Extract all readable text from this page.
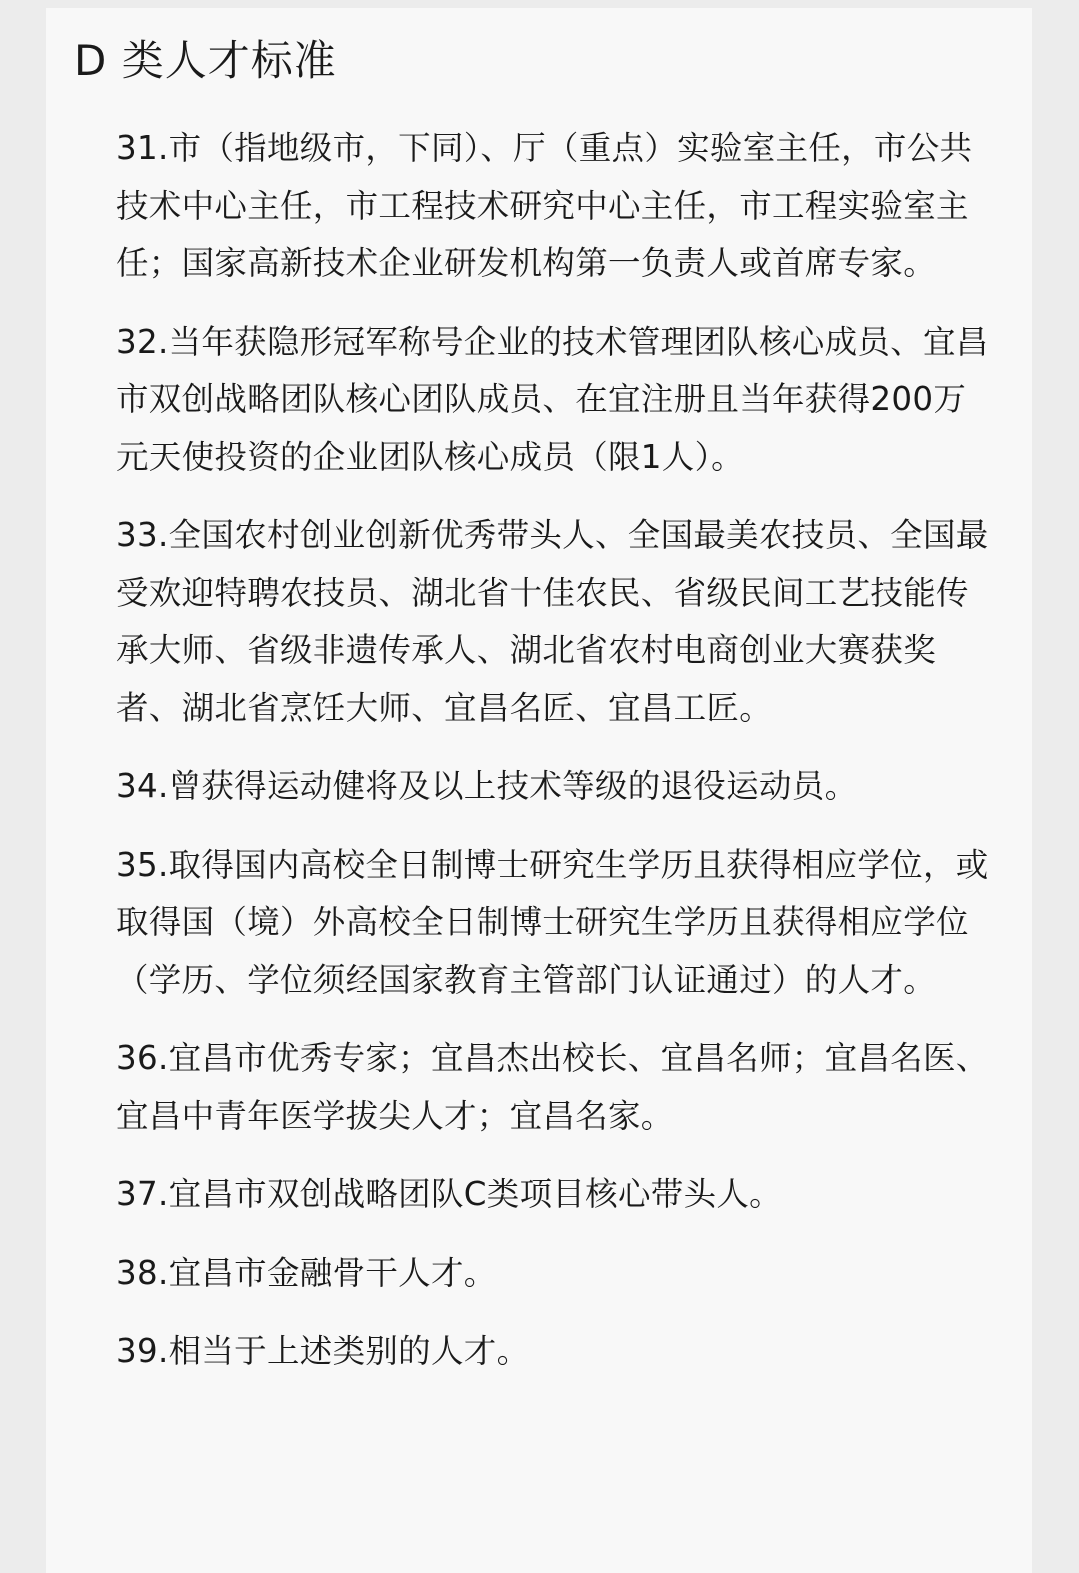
D 类人才标准

31.市（指地级市，下同）、厅（重点）实验室主任，市公共技术中心主任，市工程技术研究中心主任，市工程实验室主任；国家高新技术企业研发机构第一负责人或首席专家。

32.当年获隐形冠军称号企业的技术管理团队核心成员、宜昌市双创战略团队核心团队成员、在宜注册且当年获得200万元天使投资的企业团队核心成员（限1人）。

33.全国农村创业创新优秀带头人、全国最美农技员、全国最受欢迎特聘农技员、湖北省十佳农民、省级民间工艺技能传承大师、省级非遗传承人、湖北省农村电商创业大赛获奖者、湖北省烹饪大师、宜昌名匠、宜昌工匠。

34.曾获得运动健将及以上技术等级的退役运动员。

35.取得国内高校全日制博士研究生学历且获得相应学位，或取得国（境）外高校全日制博士研究生学历且获得相应学位（学历、学位须经国家教育主管部门认证通过）的人才。

36.宜昌市优秀专家；宜昌杰出校长、宜昌名师；宜昌名医、宜昌中青年医学拔尖人才；宜昌名家。

37.宜昌市双创战略团队C类项目核心带头人。

38.宜昌市金融骨干人才。

39.相当于上述类别的人才。
